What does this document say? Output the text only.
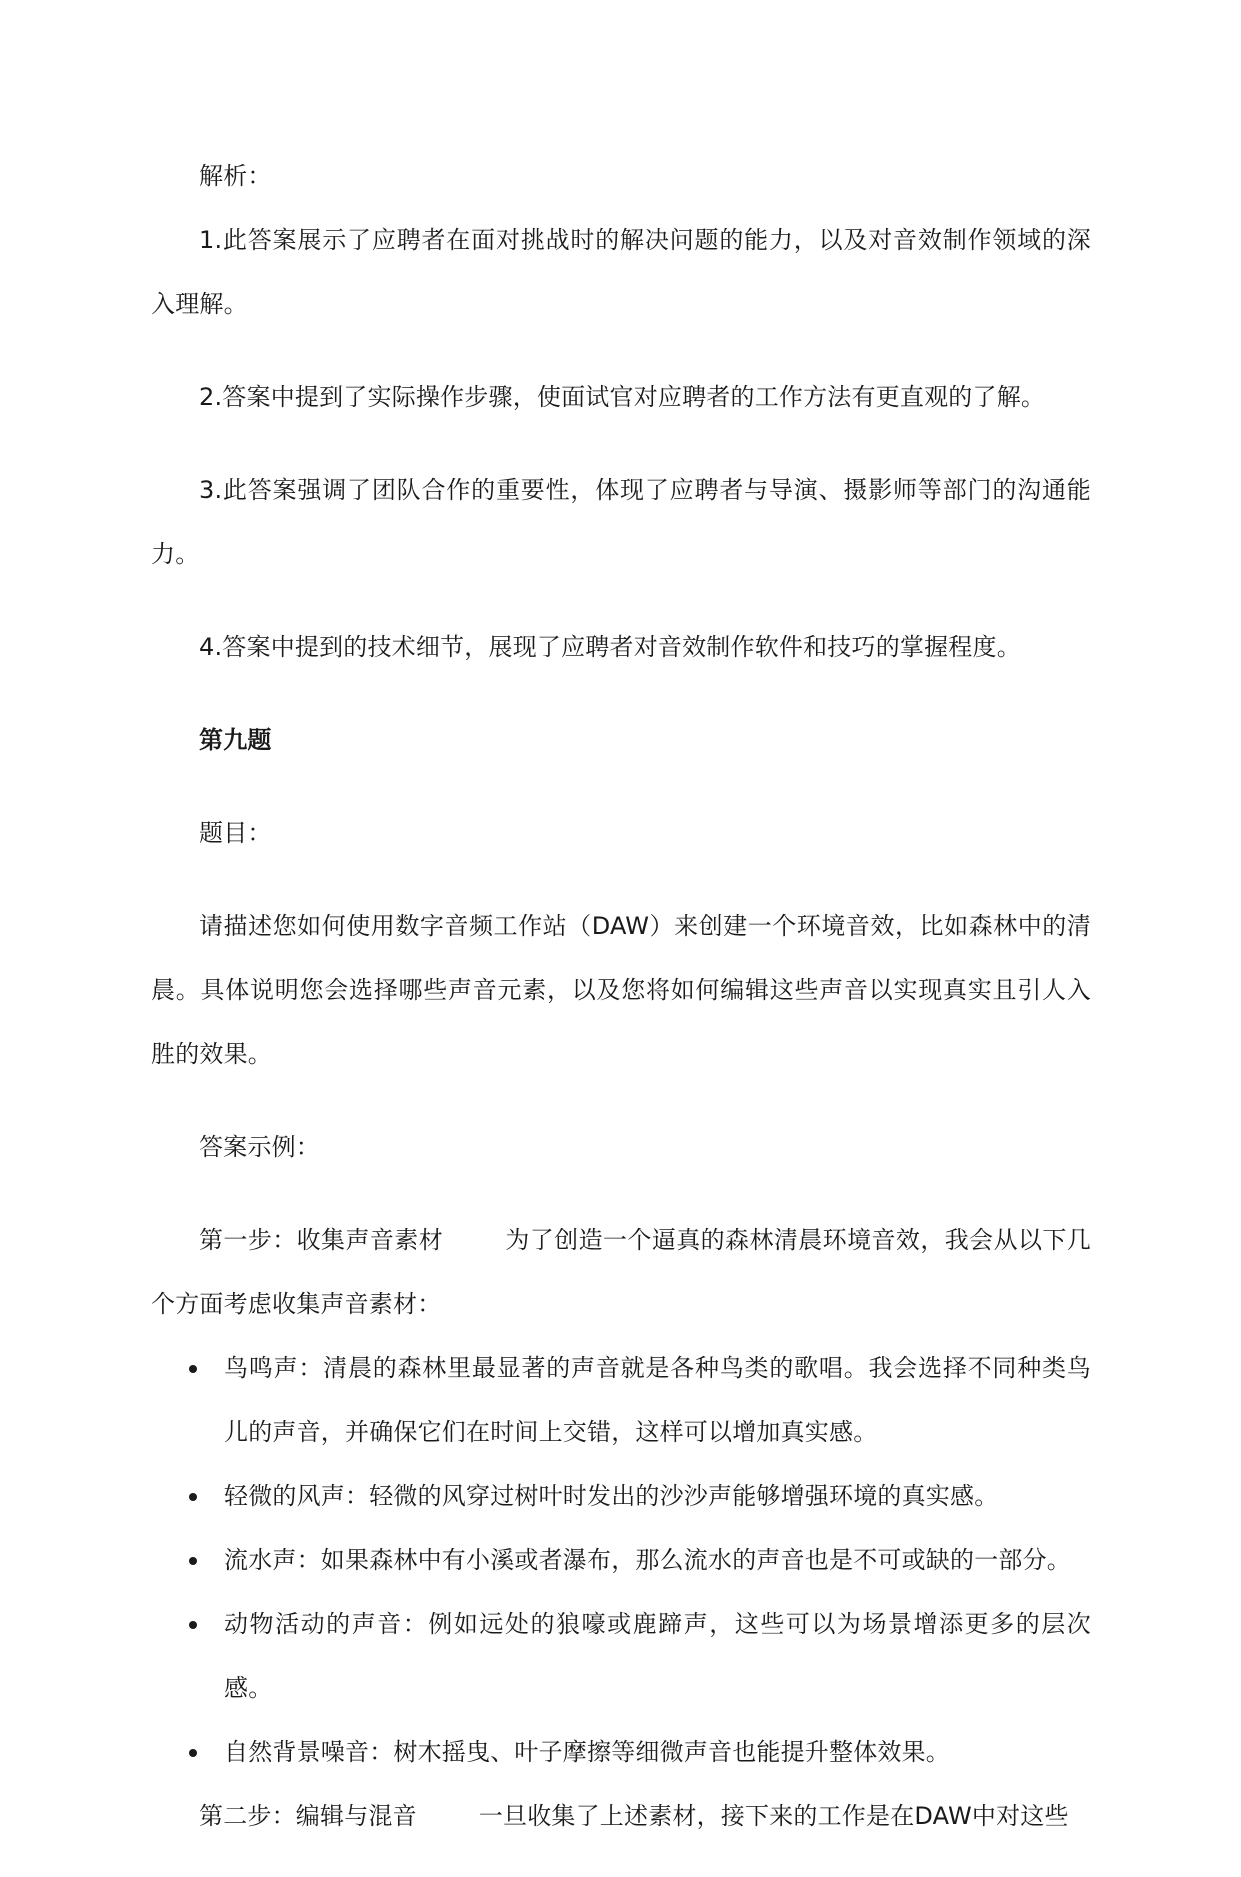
解析：

1.此答案展示了应聘者在面对挑战时的解决问题的能力，以及对音效制作领域的深入理解。

2.答案中提到了实际操作步骤，使面试官对应聘者的工作方法有更直观的了解。

3.此答案强调了团队合作的重要性，体现了应聘者与导演、摄影师等部门的沟通能力。

4.答案中提到的技术细节，展现了应聘者对音效制作软件和技巧的掌握程度。

第九题

题目：

请描述您如何使用数字音频工作站（DAW）来创建一个环境音效，比如森林中的清晨。具体说明您会选择哪些声音元素，以及您将如何编辑这些声音以实现真实且引人入胜的效果。

答案示例：

第一步：收集声音素材	为了创造一个逼真的森林清晨环境音效，我会从以下几个方面考虑收集声音素材：

鸟鸣声：清晨的森林里最显著的声音就是各种鸟类的歌唱。我会选择不同种类鸟儿的声音，并确保它们在时间上交错，这样可以增加真实感。
轻微的风声：轻微的风穿过树叶时发出的沙沙声能够增强环境的真实感。
流水声：如果森林中有小溪或者瀑布，那么流水的声音也是不可或缺的一部分。
动物活动的声音：例如远处的狼嚎或鹿蹄声，这些可以为场景增添更多的层次感。
自然背景噪音：树木摇曳、叶子摩擦等细微声音也能提升整体效果。

第二步：编辑与混音	一旦收集了上述素材，接下来的工作是在DAW中对这些
